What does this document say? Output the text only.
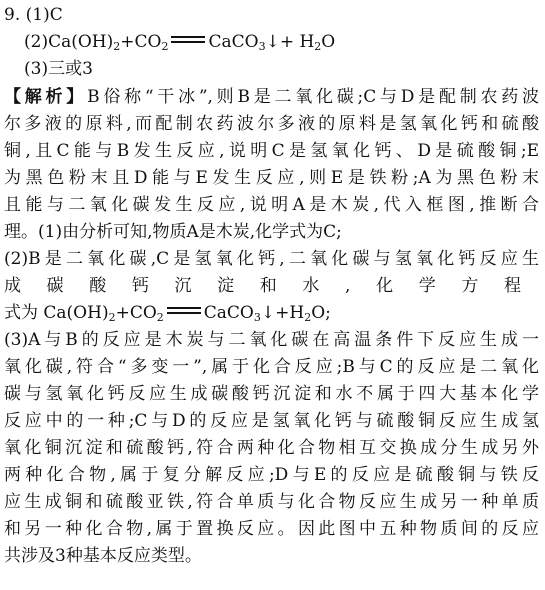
9. (1)C
$(2)Ca(OH)_2+CO_2$ CaCO$_3$↓+ $H_2O$
(3)三或3
【解析】B俗称“干冰”,则B是二氧化碳;C与D是配制农药波
尔多液的原料,而配制农药波尔多液的原料是氢氧化钙和硫酸
铜,且C能与B发生反应,说明C是氢氧化钙、D是硫酸铜;E
为黑色粉末且D能与E发生反应,则E是铁粉;A为黑色粉末
且能与二氧化碳发生反应,说明A是木炭,代入框图,推断合
理。(1)由分析可知,物质A是木炭,化学式为C;
(2)B是二氧化碳,C是氢氧化钙,二氧化碳与氢氧化钙反应生
成碳酸钙沉淀和水,化学方程
式为 $Ca(OH)_2+CO_2$ $CaCO_3↓+H_2O$;
(3)A与B的反应是木炭与二氧化碳在高温条件下反应生成一
氧化碳,符合“多变一”,属于化合反应;B与C的反应是二氧化
碳与氢氧化钙反应生成碳酸钙沉淀和水不属于四大基本化学
反应中的一种;C与D的反应是氢氧化钙与硫酸铜反应生成氢
氧化铜沉淀和硫酸钙,符合两种化合物相互交换成分生成另外
两种化合物,属于复分解反应;D与E的反应是硫酸铜与铁反
应生成铜和硫酸亚铁,符合单质与化合物反应生成另一种单质
和另一种化合物,属于置换反应。因此图中五种物质间的反应
共涉及3种基本反应类型。
